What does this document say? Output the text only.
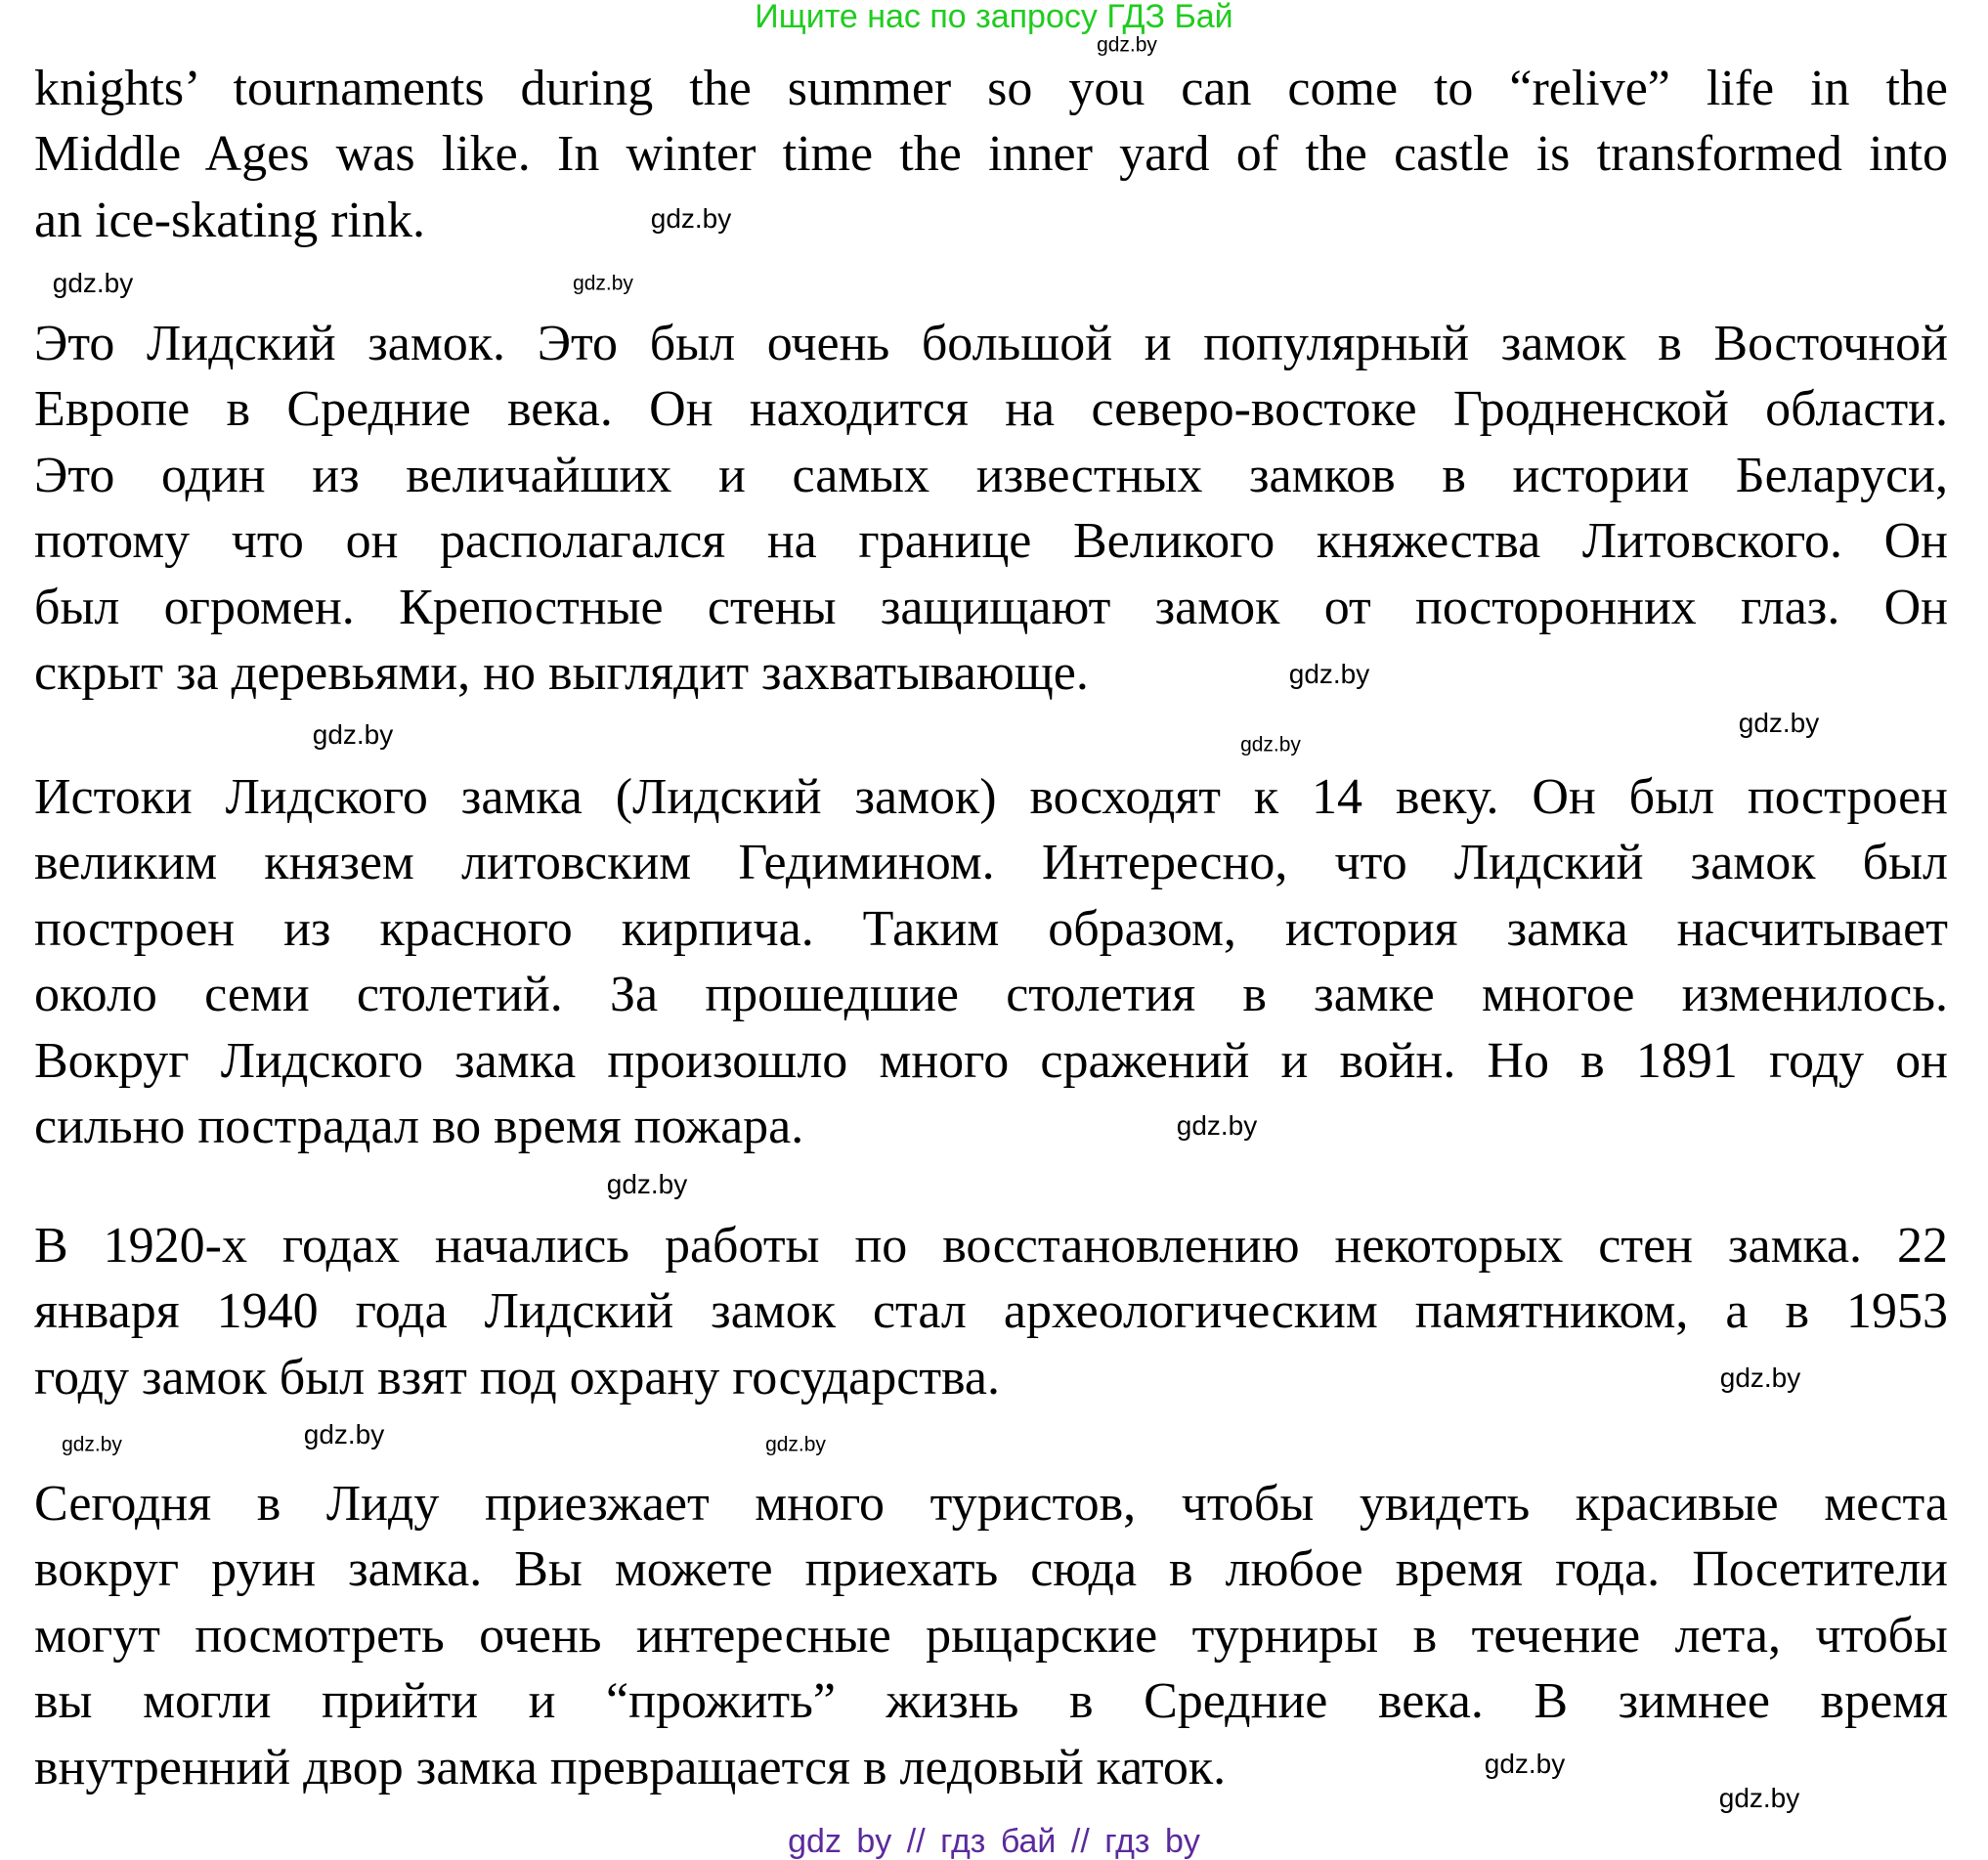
Ищите нас по запросу ГДЗ Бай
knights’ tournaments during the summer so you can come to “relive” life in the
Middle Ages was like. In winter time the inner yard of the castle is transformed into
an ice-skating rink.
Это Лидский замок. Это был очень большой и популярный замок в Восточной
Европе в Средние века. Он находится на северо-востоке Гродненской области.
Это один из величайших и самых известных замков в истории Беларуси,
потому что он располагался на границе Великого княжества Литовского. Он
был огромен. Крепостные стены защищают замок от посторонних глаз. Он
скрыт за деревьями, но выглядит захватывающе.
Истоки Лидского замка (Лидский замок) восходят к 14 веку. Он был построен
великим князем литовским Гедимином. Интересно, что Лидский замок был
построен из красного кирпича. Таким образом, история замка насчитывает
около семи столетий. За прошедшие столетия в замке многое изменилось.
Вокруг Лидского замка произошло много сражений и войн. Но в 1891 году он
сильно пострадал во время пожара.
В 1920-х годах начались работы по восстановлению некоторых стен замка. 22
января 1940 года Лидский замок стал археологическим памятником, а в 1953
году замок был взят под охрану государства.
Сегодня в Лиду приезжает много туристов, чтобы увидеть красивые места
вокруг руин замка. Вы можете приехать сюда в любое время года. Посетители
могут посмотреть очень интересные рыцарские турниры в течение лета, чтобы
вы могли прийти и “прожить” жизнь в Средние века. В зимнее время
внутренний двор замка превращается в ледовый каток.
gdz.by
gdz.by
gdz.by
gdz.by
gdz.by
gdz.by
gdz.by
gdz.by
gdz.by
gdz.by
gdz.by
gdz.by	gdz.by
gdz.by
gdz.by
gdz.by
gdz by // гдз бай // гдз by
